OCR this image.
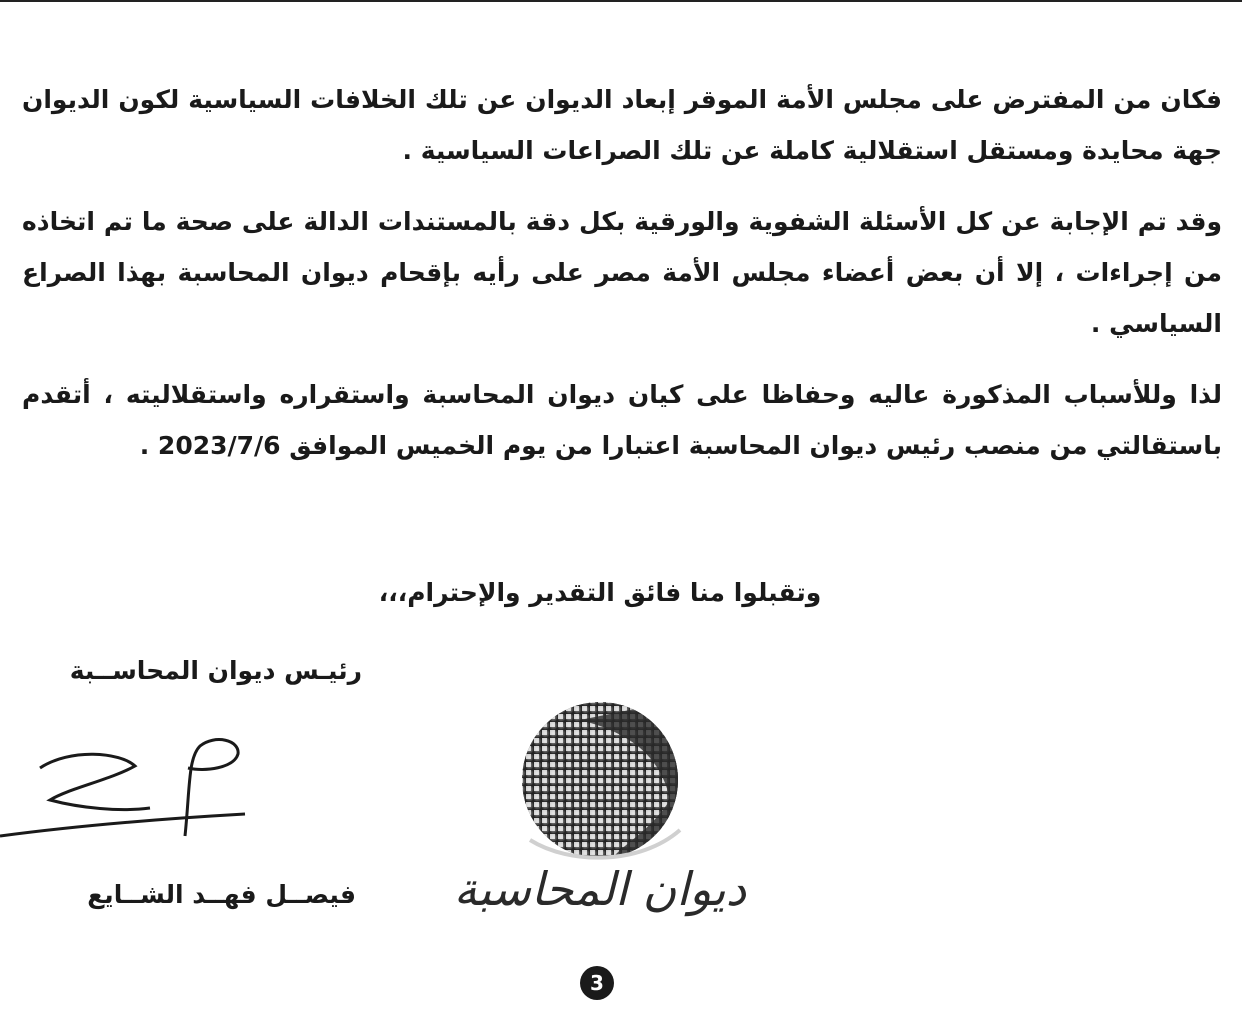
فكان من المفترض على مجلس الأمة الموقر إبعاد الديوان عن تلك الخلافات السياسية لكون الديوان جهة محايدة ومستقل استقلالية كاملة عن تلك الصراعات السياسية .

وقد تم الإجابة عن كل الأسئلة الشفوية والورقية بكل دقة بالمستندات الدالة على صحة ما تم اتخاذه من إجراءات ، إلا أن بعض أعضاء مجلس الأمة مصر على رأيه بإقحام ديوان المحاسبة بهذا الصراع السياسي .

لذا وللأسباب المذكورة عاليه وحفاظا على كيان ديوان المحاسبة واستقراره واستقلاليته ، أتقدم باستقالتي من منصب رئيس ديوان المحاسبة اعتبارا من يوم الخميس الموافق 2023/7/6 .

وتقبلوا منا فائق التقدير والإحترام،،،
رئيـس ديوان المحاســبة
فيصــل فهــد الشــايع	ديوان المحاسبة
3
